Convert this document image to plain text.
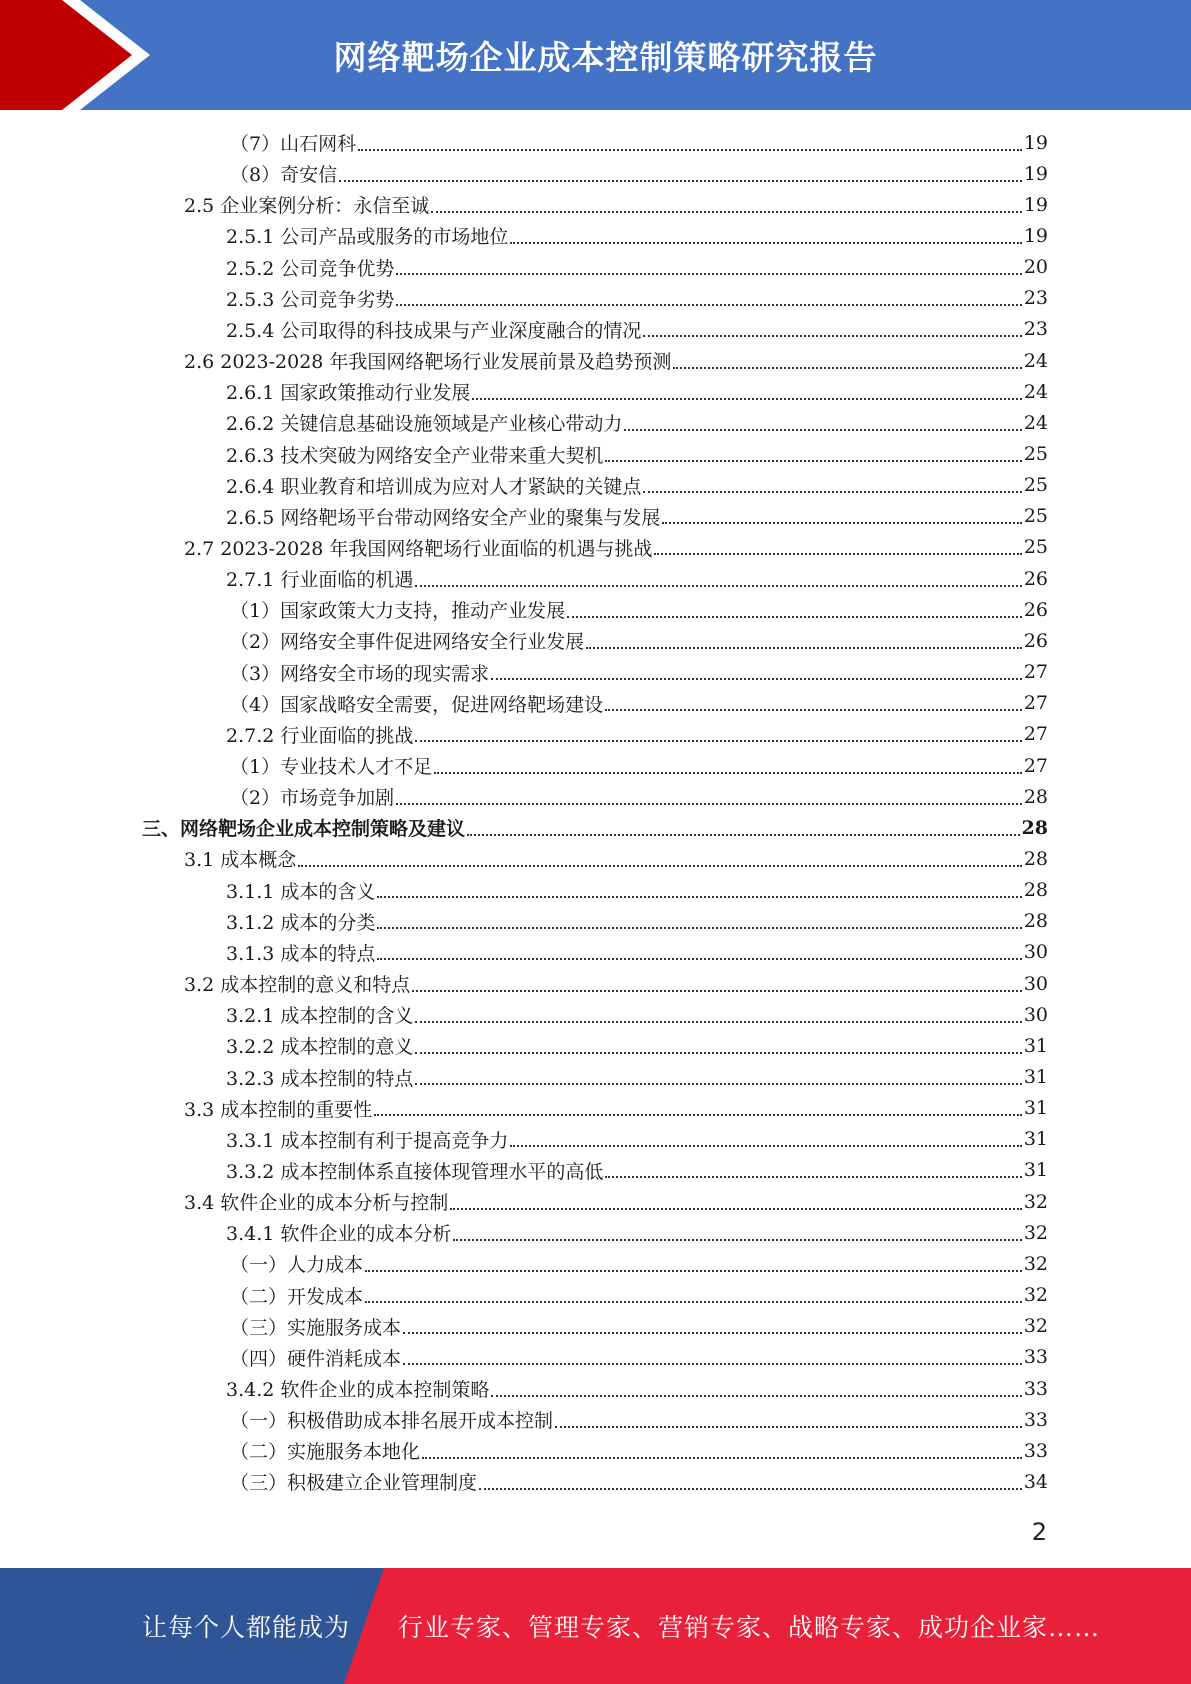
网络靶场企业成本控制策略研究报告
（7）山石网科	19
（8）奇安信	19
2.5 企业案例分析：永信至诚	19
2.5.1 公司产品或服务的市场地位	19
2.5.2 公司竞争优势	20
2.5.3 公司竞争劣势	23
2.5.4 公司取得的科技成果与产业深度融合的情况	23
2.6 2023-2028 年我国网络靶场行业发展前景及趋势预测	24
2.6.1 国家政策推动行业发展	24
2.6.2 关键信息基础设施领域是产业核心带动力	24
2.6.3 技术突破为网络安全产业带来重大契机	25
2.6.4 职业教育和培训成为应对人才紧缺的关键点	25
2.6.5 网络靶场平台带动网络安全产业的聚集与发展	25
2.7 2023-2028 年我国网络靶场行业面临的机遇与挑战	25
2.7.1 行业面临的机遇	26
（1）国家政策大力支持，推动产业发展	26
（2）网络安全事件促进网络安全行业发展	26
（3）网络安全市场的现实需求	27
（4）国家战略安全需要，促进网络靶场建设	27
2.7.2 行业面临的挑战	27
（1）专业技术人才不足	27
（2）市场竞争加剧	28
三、网络靶场企业成本控制策略及建议	28
3.1 成本概念	28
3.1.1 成本的含义	28
3.1.2 成本的分类	28
3.1.3 成本的特点	30
3.2 成本控制的意义和特点	30
3.2.1 成本控制的含义	30
3.2.2 成本控制的意义	31
3.2.3 成本控制的特点	31
3.3 成本控制的重要性	31
3.3.1 成本控制有利于提高竞争力	31
3.3.2 成本控制体系直接体现管理水平的高低	31
3.4 软件企业的成本分析与控制	32
3.4.1 软件企业的成本分析	32
（一）人力成本	32
（二）开发成本	32
（三）实施服务成本	32
（四）硬件消耗成本	33
3.4.2 软件企业的成本控制策略	33
（一）积极借助成本排名展开成本控制	33
（二）实施服务本地化	33
（三）积极建立企业管理制度	34
2
让每个人都能成为 行业专家、管理专家、营销专家、战略专家、成功企业家……
